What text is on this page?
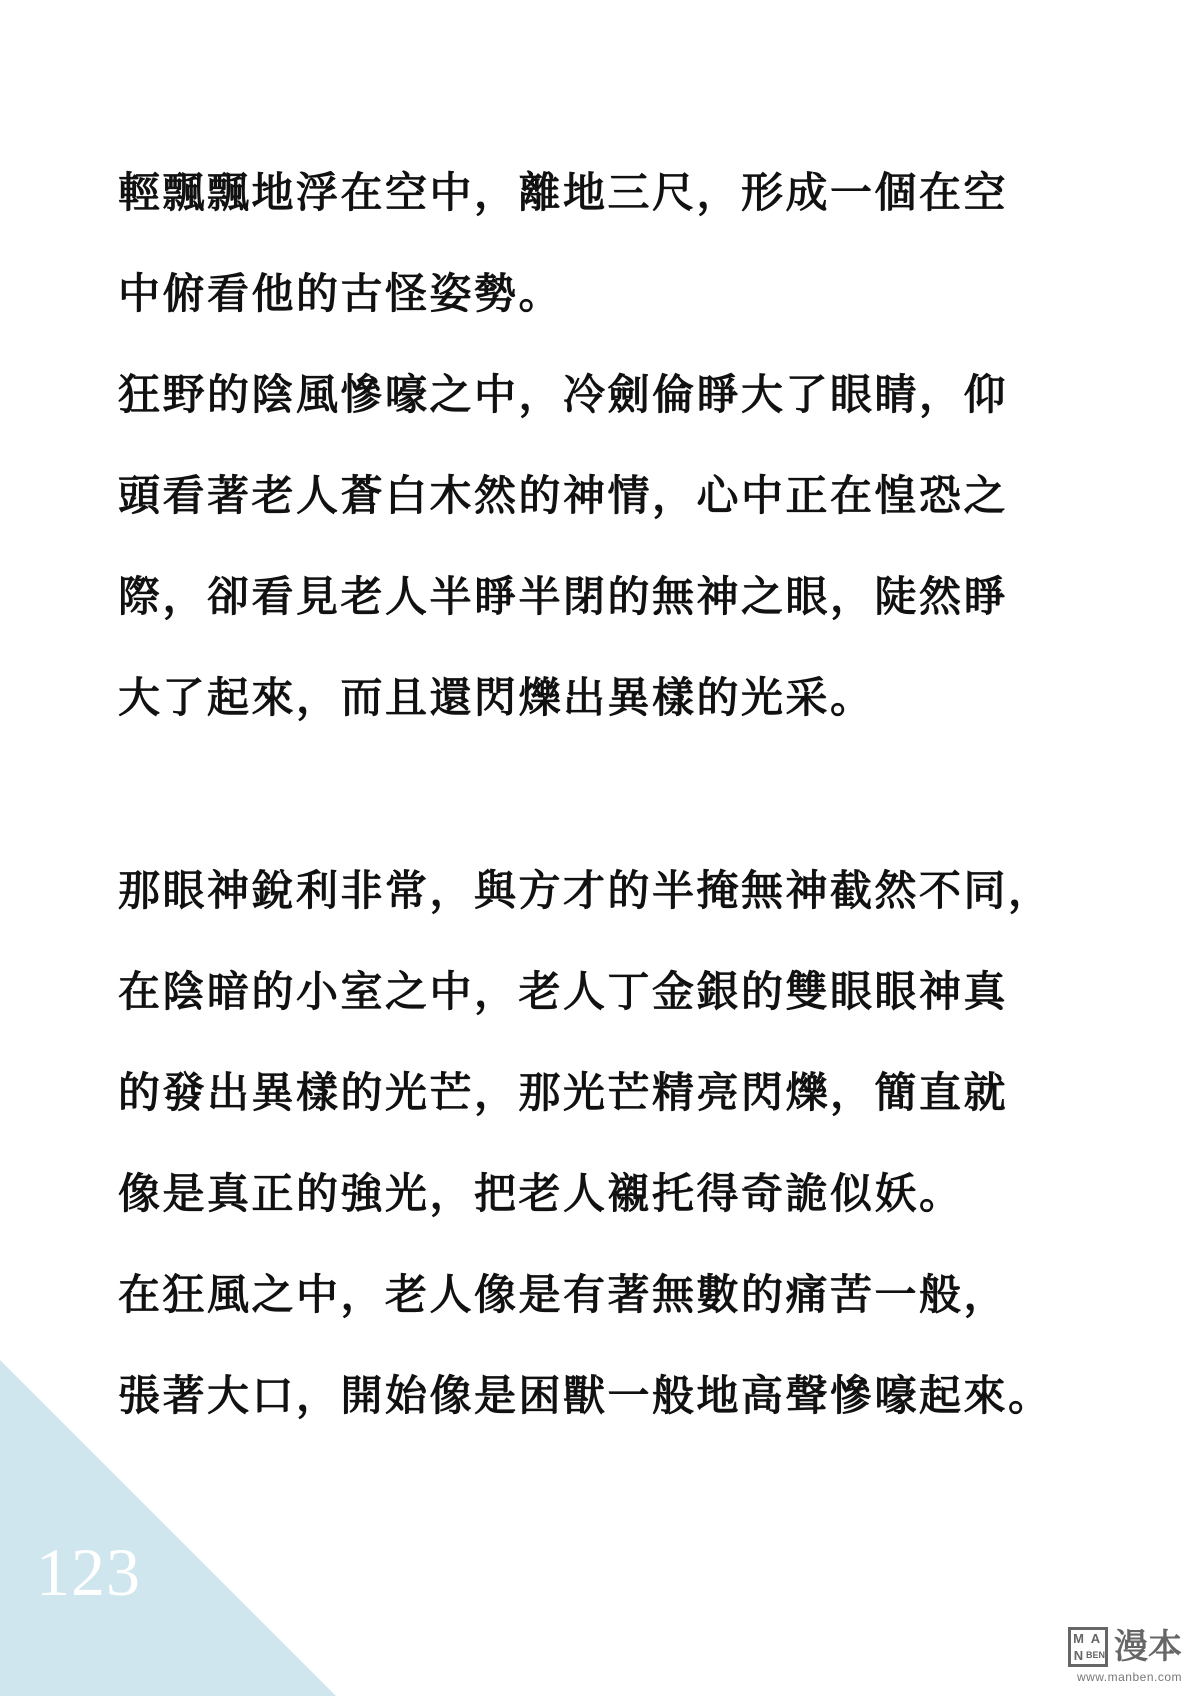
123
輕飄飄地浮在空中，離地三尺，形成一個在空
中俯看他的古怪姿勢。
狂野的陰風慘嚎之中，冷劍倫睜大了眼睛，仰
頭看著老人蒼白木然的神情，心中正在惶恐之
際，卻看見老人半睜半閉的無神之眼，陡然睜
大了起來，而且還閃爍出異樣的光采。
那眼神銳利非常，與方才的半掩無神截然不同，
在陰暗的小室之中，老人丁金銀的雙眼眼神真
的發出異樣的光芒，那光芒精亮閃爍，簡直就
像是真正的強光，把老人襯托得奇詭似妖。
在狂風之中，老人像是有著無數的痛苦一般，
張著大口，開始像是困獸一般地高聲慘嚎起來。
M A
N BEN 漫本
www.manben.com
